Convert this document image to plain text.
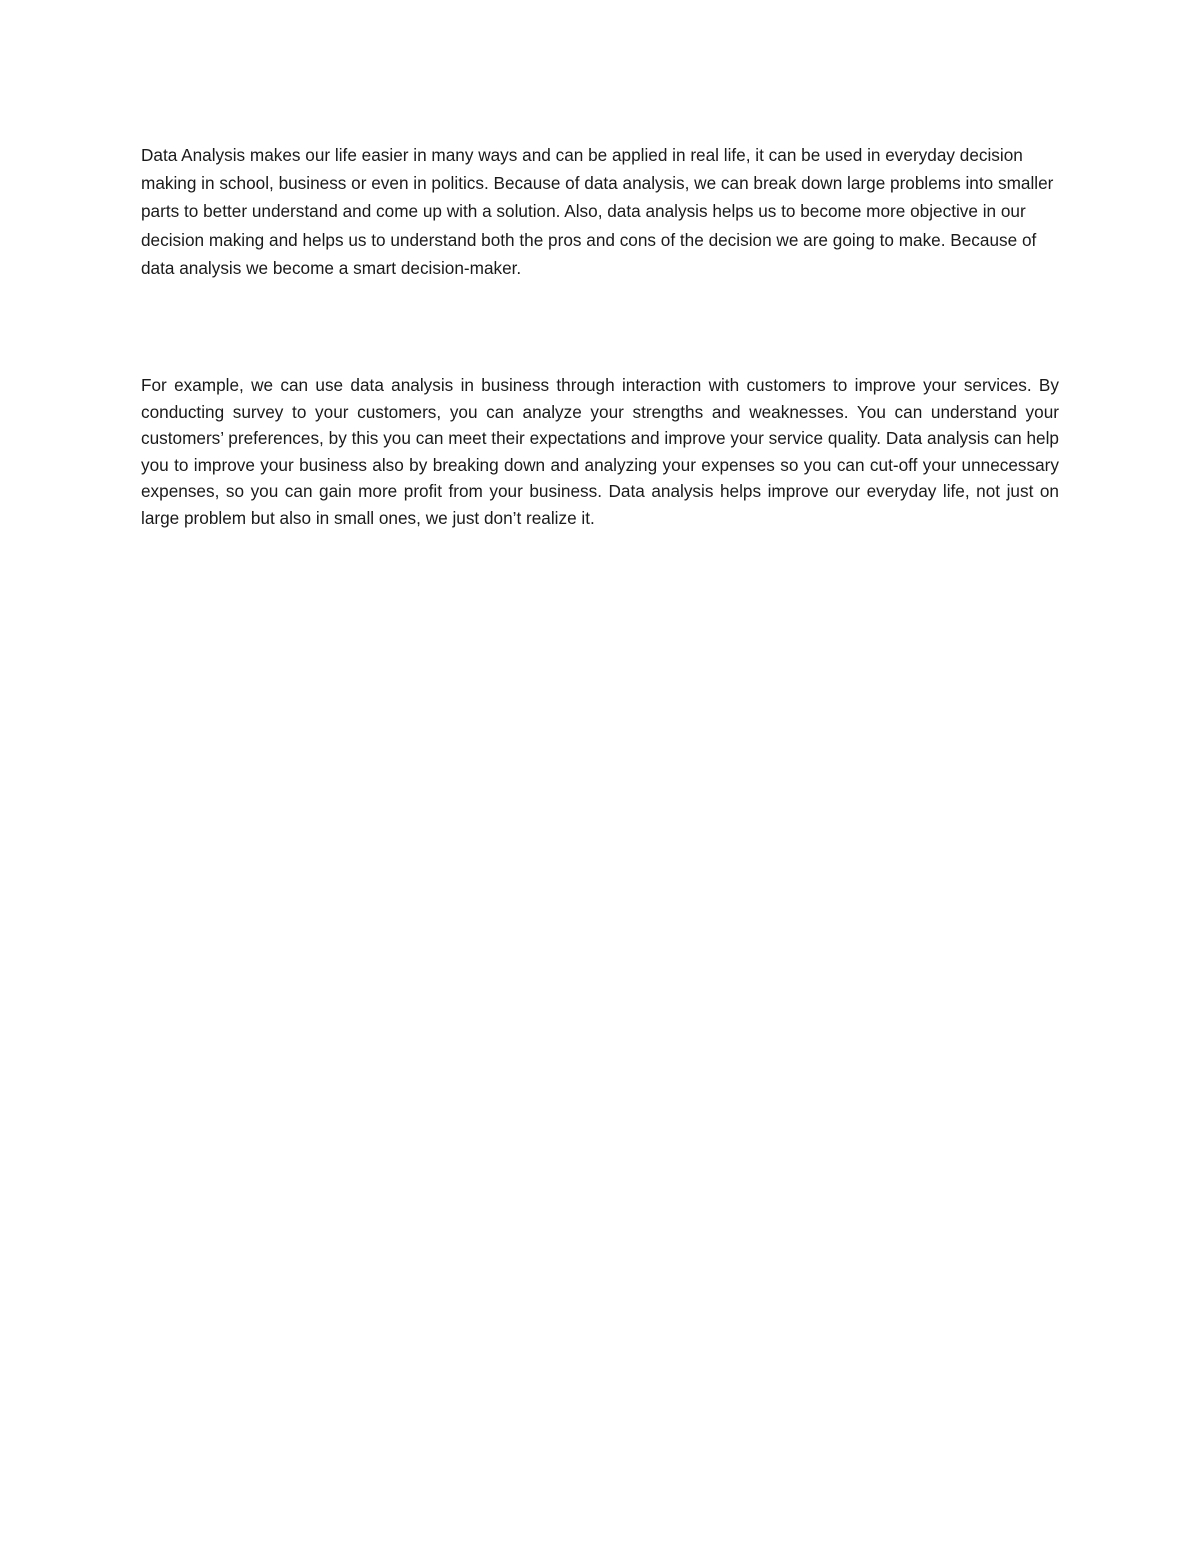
Data Analysis makes our life easier in many ways and can be applied in real life, it can be used in everyday decision making in school, business or even in politics. Because of data analysis, we can break down large problems into smaller parts to better understand and come up with a solution. Also, data analysis helps us to become more objective in our decision making and helps us to understand both the pros and cons of the decision we are going to make. Because of data analysis we become a smart decision-maker.

For example, we can use data analysis in business through interaction with customers to improve your services. By conducting survey to your customers, you can analyze your strengths and weaknesses. You can understand your customers’ preferences, by this you can meet their expectations and improve your service quality. Data analysis can help you to improve your business also by breaking down and analyzing your expenses so you can cut-off your unnecessary expenses, so you can gain more profit from your business. Data analysis helps improve our everyday life, not just on large problem but also in small ones, we just don’t realize it.
